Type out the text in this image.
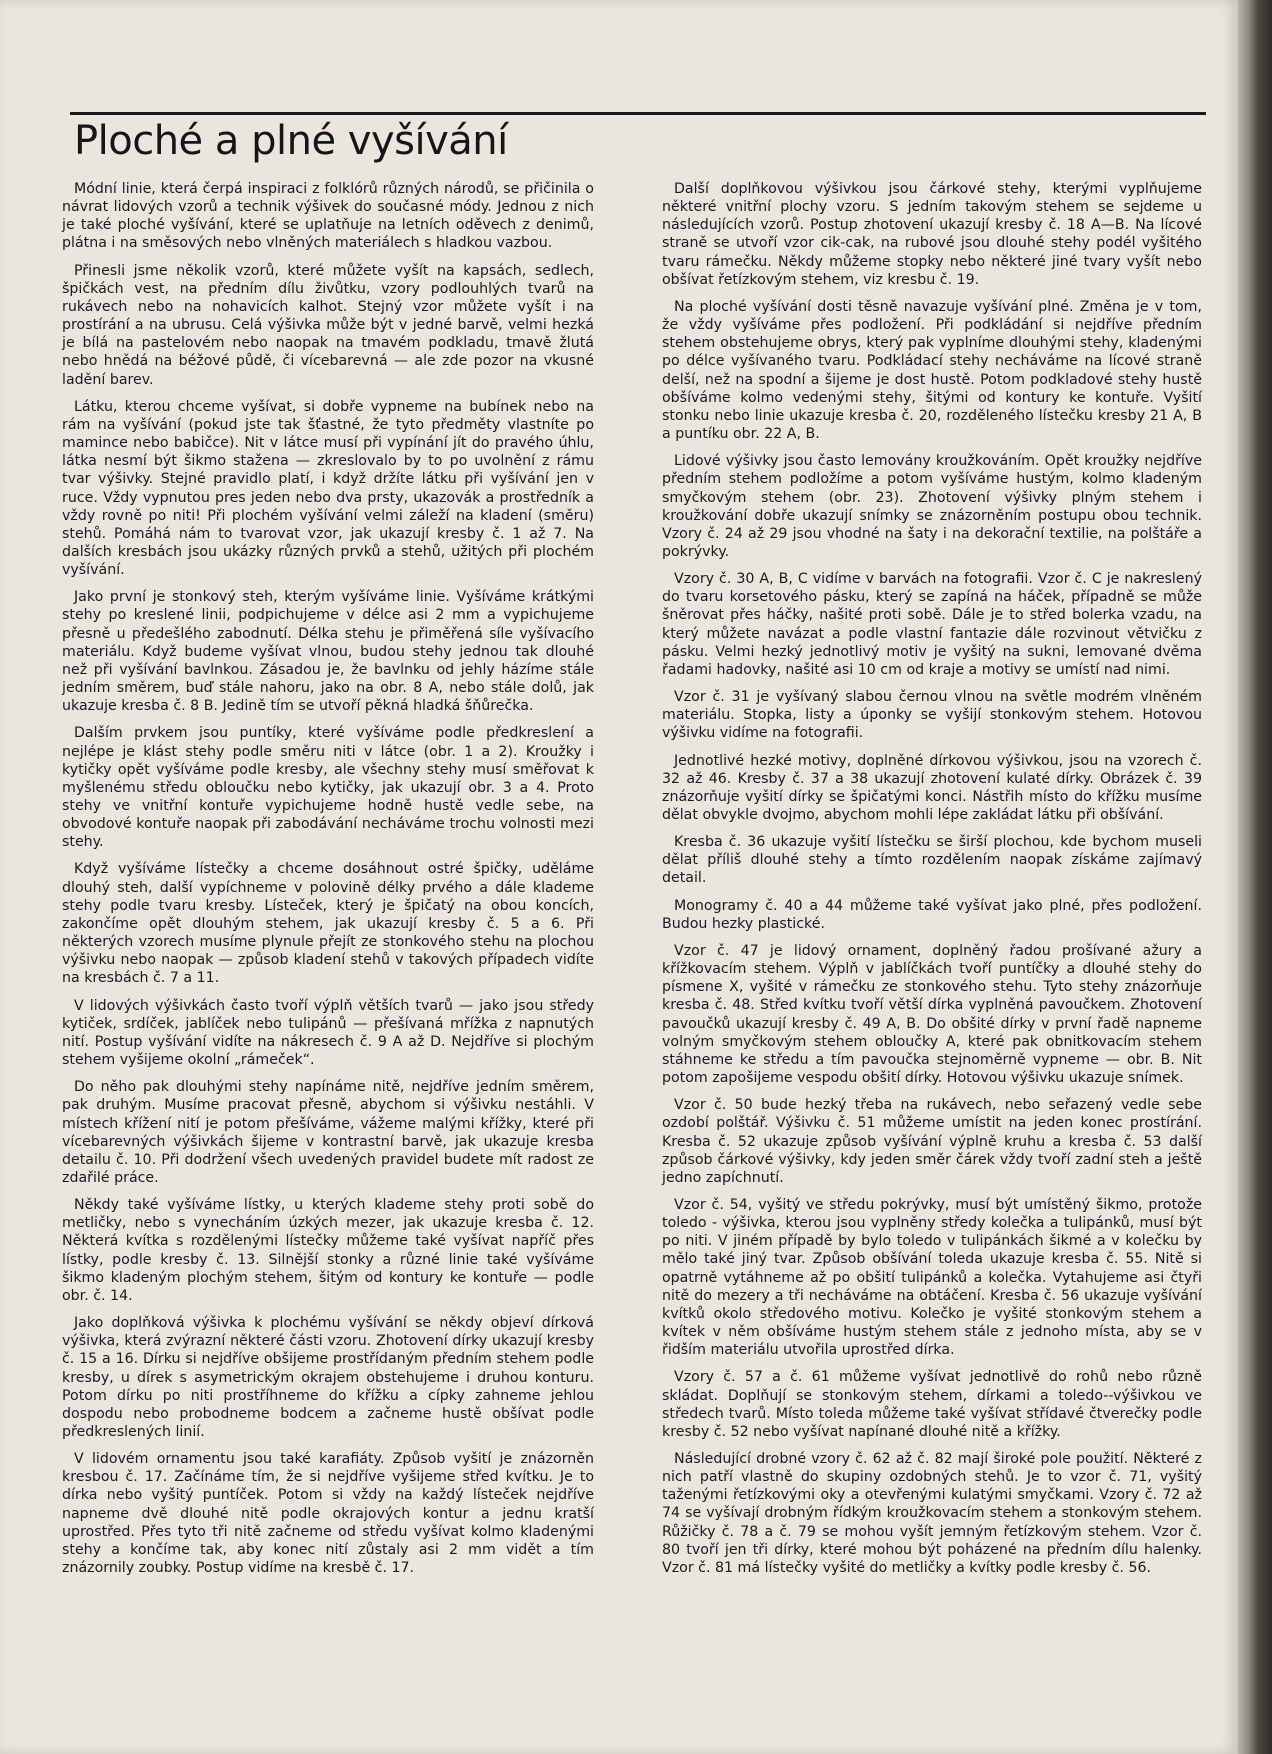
Ploché a plné vyšívání

Módní linie, která čerpá inspiraci z folklórů různých národů, se přičinila o návrat lidových vzorů a technik výšivek do současné módy. Jednou z nich je také ploché vyšívání, které se uplatňuje na letních oděvech z denimů, plátna i na směsových nebo vlněných materiálech s hladkou vazbou.

Přinesli jsme několik vzorů, které můžete vyšít na kapsách, sedlech, špičkách vest, na předním dílu živůtku, vzory podlouhlých tvarů na rukávech nebo na nohavicích kalhot. Stejný vzor můžete vyšít i na prostírání a na ubrusu. Celá výšivka může být v jedné barvě, velmi hezká je bílá na pastelovém nebo naopak na tmavém podkladu, tmavě žlutá nebo hnědá na béžové půdě, či vícebarevná — ale zde pozor na vkusné ladění barev.

Látku, kterou chceme vyšívat, si dobře vypneme na bubínek nebo na rám na vyšívání (pokud jste tak šťastné, že tyto předměty vlastníte po mamince nebo babičce). Nit v látce musí při vypínání jít do pravého úhlu, látka nesmí být šikmo stažena — zkreslovalo by to po uvolnění z rámu tvar výšivky. Stejné pravidlo platí, i když držíte látku při vyšívání jen v ruce. Vždy vypnutou pres jeden nebo dva prsty, ukazovák a prostředník a vždy rovně po niti! Při plochém vyšívání velmi záleží na kladení (směru) stehů. Pomáhá nám to tvarovat vzor, jak ukazují kresby č. 1 až 7. Na dalších kresbách jsou ukázky různých prvků a stehů, užitých při plochém vyšívání.

Jako první je stonkový steh, kterým vyšíváme linie. Vyšíváme krátkými stehy po kreslené linii, podpichujeme v délce asi 2 mm a vypichujeme přesně u předešlého zabodnutí. Délka stehu je přiměřená síle vyšívacího materiálu. Když budeme vyšívat vlnou, budou stehy jednou tak dlouhé než při vyšívání bavlnkou. Zásadou je, že bavlnku od jehly házíme stále jedním směrem, buď stále nahoru, jako na obr. 8 A, nebo stále dolů, jak ukazuje kresba č. 8 B. Jedině tím se utvoří pěkná hladká šňůrečka.

Dalším prvkem jsou puntíky, které vyšíváme podle předkreslení a nejlépe je klást stehy podle směru niti v látce (obr. 1 a 2). Kroužky i kytičky opět vyšíváme podle kresby, ale všechny stehy musí směřovat k myšlenému středu obloučku nebo kytičky, jak ukazují obr. 3 a 4. Proto stehy ve vnitřní kontuře vypichujeme hodně hustě vedle sebe, na obvodové kontuře naopak při zabodávání necháváme trochu volnosti mezi stehy.

Když vyšíváme lístečky a chceme dosáhnout ostré špičky, uděláme dlouhý steh, další vypíchneme v polovině délky prvého a dále klademe stehy podle tvaru kresby. Lísteček, který je špičatý na obou koncích, zakončíme opět dlouhým stehem, jak ukazují kresby č. 5 a 6. Při některých vzorech musíme plynule přejít ze stonkového stehu na plochou výšivku nebo naopak — způsob kladení stehů v takových případech vidíte na kresbách č. 7 a 11.

V lidových výšivkách často tvoří výplň větších tvarů — jako jsou středy kytiček, srdíček, jablíček nebo tulipánů — přešívaná mřížka z napnutých nití. Postup vyšívání vidíte na nákresech č. 9 A až D. Nejdříve si plochým stehem vyšijeme okolní „rámeček“.

Do něho pak dlouhými stehy napínáme nitě, nejdříve jedním směrem, pak druhým. Musíme pracovat přesně, abychom si výšivku nestáhli. V místech křížení nití je potom přešíváme, vážeme malými křížky, které při vícebarevných výšivkách šijeme v kontrastní barvě, jak ukazuje kresba detailu č. 10. Při dodržení všech uvedených pravidel budete mít radost ze zdařilé práce.

Někdy také vyšíváme lístky, u kterých klademe stehy proti sobě do metličky, nebo s vynecháním úzkých mezer, jak ukazuje kresba č. 12. Některá kvítka s rozdělenými lístečky můžeme také vyšívat napříč přes lístky, podle kresby č. 13. Silnější stonky a různé linie také vyšíváme šikmo kladeným plochým stehem, šitým od kontury ke kontuře — podle obr. č. 14.

Jako doplňková výšivka k plochému vyšívání se někdy objeví dírková výšivka, která zvýrazní některé části vzoru. Zhotovení dírky ukazují kresby č. 15 a 16. Dírku si nejdříve obšijeme prostřídaným předním stehem podle kresby, u dírek s asymetrickým okrajem obstehujeme i druhou konturu. Potom dírku po niti prostříhneme do křížku a cípky zahneme jehlou dospodu nebo probodneme bodcem a začneme hustě obšívat podle předkreslených linií.

V lidovém ornamentu jsou také karafiáty. Způsob vyšití je znázorněn kresbou č. 17. Začínáme tím, že si nejdříve vyšijeme střed kvítku. Je to dírka nebo vyšitý puntíček. Potom si vždy na každý lísteček nejdříve napneme dvě dlouhé nitě podle okrajových kontur a jednu kratší uprostřed. Přes tyto tři nitě začneme od středu vyšívat kolmo kladenými stehy a končíme tak, aby konec nití zůstaly asi 2 mm vidět a tím znázornily zoubky. Postup vidíme na kresbě č. 17.

Další doplňkovou výšivkou jsou čárkové stehy, kterými vyplňujeme některé vnitřní plochy vzoru. S jedním takovým stehem se sejdeme u následujících vzorů. Postup zhotovení ukazují kresby č. 18 A—B. Na lícové straně se utvoří vzor cik-cak, na rubové jsou dlouhé stehy podél vyšitého tvaru rámečku. Někdy můžeme stopky nebo některé jiné tvary vyšít nebo obšívat řetízkovým stehem, viz kresbu č. 19.

Na ploché vyšívání dosti těsně navazuje vyšívání plné. Změna je v tom, že vždy vyšíváme přes podložení. Při podkládání si nejdříve předním stehem obstehujeme obrys, který pak vyplníme dlouhými stehy, kladenými po délce vyšívaného tvaru. Podkládací stehy necháváme na lícové straně delší, než na spodní a šijeme je dost hustě. Potom podkladové stehy hustě obšíváme kolmo vedenými stehy, šitými od kontury ke kontuře. Vyšití stonku nebo linie ukazuje kresba č. 20, rozděleného lístečku kresby 21 A, B a puntíku obr. 22 A, B.

Lidové výšivky jsou často lemovány kroužkováním. Opět kroužky nejdříve předním stehem podložíme a potom vyšíváme hustým, kolmo kladeným smyčkovým stehem (obr. 23). Zhotovení výšivky plným stehem i kroužkování dobře ukazují snímky se znázorněním postupu obou technik. Vzory č. 24 až 29 jsou vhodné na šaty i na dekorační textilie, na polštáře a pokrývky.

Vzory č. 30 A, B, C vidíme v barvách na fotografii. Vzor č. C je nakreslený do tvaru korsetového pásku, který se zapíná na háček, případně se může šněrovat přes háčky, našité proti sobě. Dále je to střed bolerka vzadu, na který můžete navázat a podle vlastní fantazie dále rozvinout větvičku z pásku. Velmi hezký jednotlivý motiv je vyšitý na sukni, lemované dvěma řadami hadovky, našité asi 10 cm od kraje a motivy se umístí nad nimi.

Vzor č. 31 je vyšívaný slabou černou vlnou na světle modrém vlněném materiálu. Stopka, listy a úponky se vyšijí stonkovým stehem. Hotovou výšivku vidíme na fotografii.

Jednotlivé hezké motivy, doplněné dírkovou výšivkou, jsou na vzorech č. 32 až 46. Kresby č. 37 a 38 ukazují zhotovení kulaté dírky. Obrázek č. 39 znázorňuje vyšití dírky se špičatými konci. Nástřih místo do křížku musíme dělat obvykle dvojmo, abychom mohli lépe zakládat látku při obšívání.

Kresba č. 36 ukazuje vyšití lístečku se širší plochou, kde bychom museli dělat příliš dlouhé stehy a tímto rozdělením naopak získáme zajímavý detail.

Monogramy č. 40 a 44 můžeme také vyšívat jako plné, přes podložení. Budou hezky plastické.

Vzor č. 47 je lidový ornament, doplněný řadou prošívané ažury a křížkovacím stehem. Výplň v jablíčkách tvoří puntíčky a dlouhé stehy do písmene X, vyšité v rámečku ze stonkového stehu. Tyto stehy znázorňuje kresba č. 48. Střed kvítku tvoří větší dírka vyplněná pavoučkem. Zhotovení pavoučků ukazují kresby č. 49 A, B. Do obšité dírky v první řadě napneme volným smyčkovým stehem obloučky A, které pak obnitkovacím stehem stáhneme ke středu a tím pavoučka stejnoměrně vypneme — obr. B. Nit potom zapošijeme vespodu obšití dírky. Hotovou výšivku ukazuje snímek.

Vzor č. 50 bude hezký třeba na rukávech, nebo seřazený vedle sebe ozdobí polštář. Výšivku č. 51 můžeme umístit na jeden konec prostírání. Kresba č. 52 ukazuje způsob vyšívání výplně kruhu a kresba č. 53 další způsob čárkové výšivky, kdy jeden směr čárek vždy tvoří zadní steh a ještě jedno zapíchnutí.

Vzor č. 54, vyšitý ve středu pokrývky, musí být umístěný šikmo, protože toledo - výšivka, kterou jsou vyplněny středy kolečka a tulipánků, musí být po niti. V jiném případě by bylo toledo v tulipánkách šikmé a v kolečku by mělo také jiný tvar. Způsob obšívání toleda ukazuje kresba č. 55. Nitě si opatrně vytáhneme až po obšití tulipánků a kolečka. Vytahujeme asi čtyři nitě do mezery a tři necháváme na obtáčení. Kresba č. 56 ukazuje vyšívání kvítků okolo středového motivu. Kolečko je vyšité stonkovým stehem a kvítek v něm obšíváme hustým stehem stále z jednoho místa, aby se v řidším materiálu utvořila uprostřed dírka.

Vzory č. 57 a č. 61 můžeme vyšívat jednotlivě do rohů nebo různě skládat. Doplňují se stonkovým stehem, dírkami a toledo--výšivkou ve středech tvarů. Místo toleda můžeme také vyšívat střídavé čtverečky podle kresby č. 52 nebo vyšívat napínané dlouhé nitě a křížky.

Následující drobné vzory č. 62 až č. 82 mají široké pole použití. Některé z nich patří vlastně do skupiny ozdobných stehů. Je to vzor č. 71, vyšitý taženými řetízkovými oky a otevřenými kulatými smyčkami. Vzory č. 72 až 74 se vyšívají drobným řídkým kroužkovacím stehem a stonkovým stehem. Růžičky č. 78 a č. 79 se mohou vyšít jemným řetízkovým stehem. Vzor č. 80 tvoří jen tři dírky, které mohou být poházené na předním dílu halenky. Vzor č. 81 má lístečky vyšité do metličky a kvítky podle kresby č. 56.
